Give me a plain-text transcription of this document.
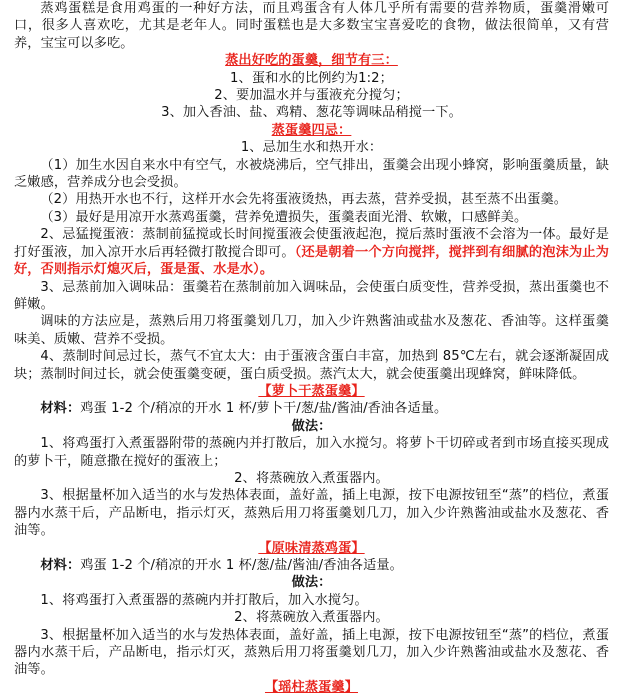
蒸鸡蛋糕是食用鸡蛋的一种好方法，而且鸡蛋含有人体几乎所有需要的营养物质，蛋羹滑嫩可口，很多人喜欢吃，尤其是老年人。同时蛋糕也是大多数宝宝喜爱吃的食物，做法很简单，又有营养，宝宝可以多吃。

蒸出好吃的蛋羹，细节有三：

1、蛋和水的比例约为1:2；

2、要加温水并与蛋液充分搅匀；

3、加入香油、盐、鸡精、葱花等调味品稍搅一下。

蒸蛋羹四忌：

1、忌加生水和热开水：

（1）加生水因自来水中有空气，水被烧沸后，空气排出，蛋羹会出现小蜂窝，影响蛋羹质量，缺乏嫩感，营养成分也会受损。

（2）用热开水也不行，这样开水会先将蛋液烫热，再去蒸，营养受损，甚至蒸不出蛋羹。

（3）最好是用凉开水蒸鸡蛋羹，营养免遭损失，蛋羹表面光滑、软嫩，口感鲜美。

2、忌猛搅蛋液：蒸制前猛搅或长时间搅蛋液会使蛋液起泡，搅后蒸时蛋液不会溶为一体。最好是打好蛋液，加入凉开水后再轻微打散搅合即可。（还是朝着一个方向搅拌，搅拌到有细腻的泡沫为止为好，否则指示灯熄灭后，蛋是蛋、水是水）。

3、忌蒸前加入调味品：蛋羹若在蒸制前加入调味品，会使蛋白质变性，营养受损，蒸出蛋羹也不鲜嫩。

调味的方法应是，蒸熟后用刀将蛋羹划几刀，加入少许熟酱油或盐水及葱花、香油等。这样蛋羹味美、质嫩、营养不受损。

4、蒸制时间忌过长，蒸气不宜太大：由于蛋液含蛋白丰富，加热到 85℃左右，就会逐渐凝固成块；蒸制时间过长，就会使蛋羹变硬，蛋白质受损。蒸汽太大，就会使蛋羹出现蜂窝，鲜味降低。

【萝卜干蒸蛋羹】

材料：鸡蛋 1-2 个/稍凉的开水 1 杯/萝卜干/葱/盐/酱油/香油各适量。

做法：

1、将鸡蛋打入煮蛋器附带的蒸碗内并打散后，加入水搅匀。将萝卜干切碎或者到市场直接买现成的萝卜干，随意撒在搅好的蛋液上；

2、将蒸碗放入煮蛋器内。

3、根据量杯加入适当的水与发热体表面，盖好盖，插上电源，按下电源按钮至“蒸”的档位，煮蛋器内水蒸干后，产品断电，指示灯灭，蒸熟后用刀将蛋羹划几刀，加入少许熟酱油或盐水及葱花、香油等。

【原味清蒸鸡蛋】

材料：鸡蛋 1-2 个/稍凉的开水 1 杯/葱/盐/酱油/香油各适量。

做法：

1、将鸡蛋打入煮蛋器的蒸碗内并打散后，加入水搅匀。

2、将蒸碗放入煮蛋器内。

3、根据量杯加入适当的水与发热体表面，盖好盖，插上电源，按下电源按钮至“蒸”的档位，煮蛋器内水蒸干后，产品断电，指示灯灭，蒸熟后用刀将蛋羹划几刀，加入少许熟酱油或盐水及葱花、香油等。

【瑶柱蒸蛋羹】
